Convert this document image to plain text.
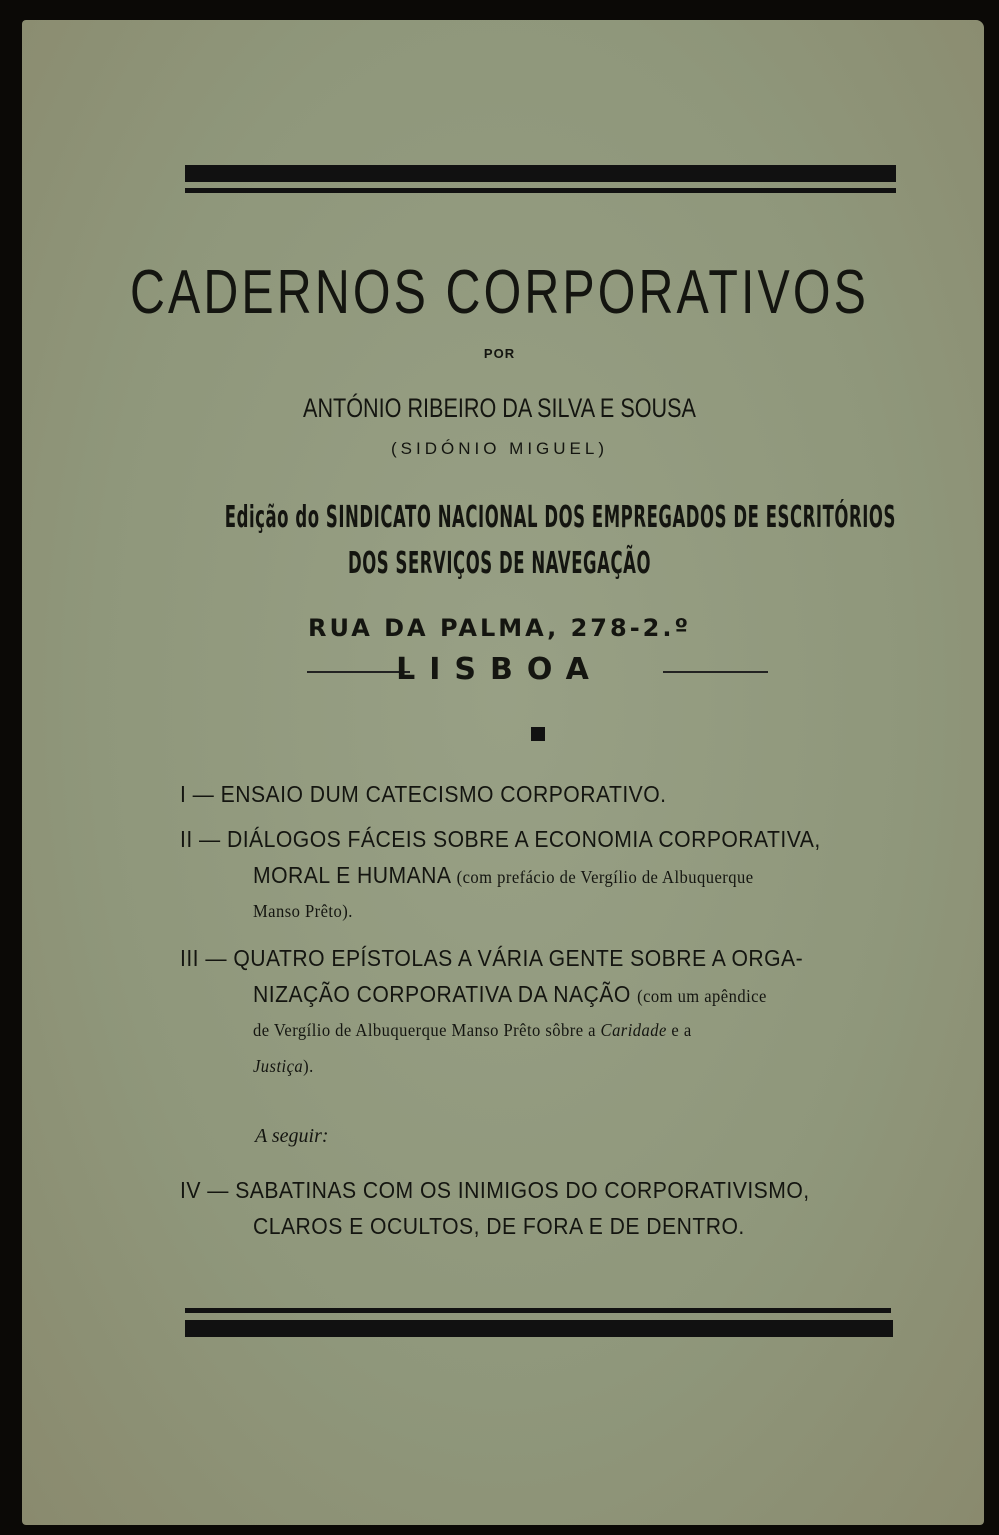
CADERNOS CORPORATIVOS
POR
ANTÓNIO RIBEIRO DA SILVA E SOUSA
(SIDÓNIO MIGUEL)
Edição do SINDICATO NACIONAL DOS EMPREGADOS DE ESCRITÓRIOS
DOS SERVIÇOS DE NAVEGAÇÃO
RUA DA PALMA, 278-2.º
LISBOA
I — ENSAIO DUM CATECISMO CORPORATIVO.
II — DIÁLOGOS FÁCEIS SOBRE A ECONOMIA CORPORATIVA,
MORAL E HUMANA (com prefácio de Vergílio de Albuquerque
Manso Prêto).
III — QUATRO EPÍSTOLAS A VÁRIA GENTE SOBRE A ORGA-
NIZAÇÃO CORPORATIVA DA NAÇÃO (com um apêndice
de Vergílio de Albuquerque Manso Prêto sôbre a Caridade e a
Justiça).
IV — SABATINAS COM OS INIMIGOS DO CORPORATIVISMO,
CLAROS E OCULTOS, DE FORA E DE DENTRO.
A seguir:
